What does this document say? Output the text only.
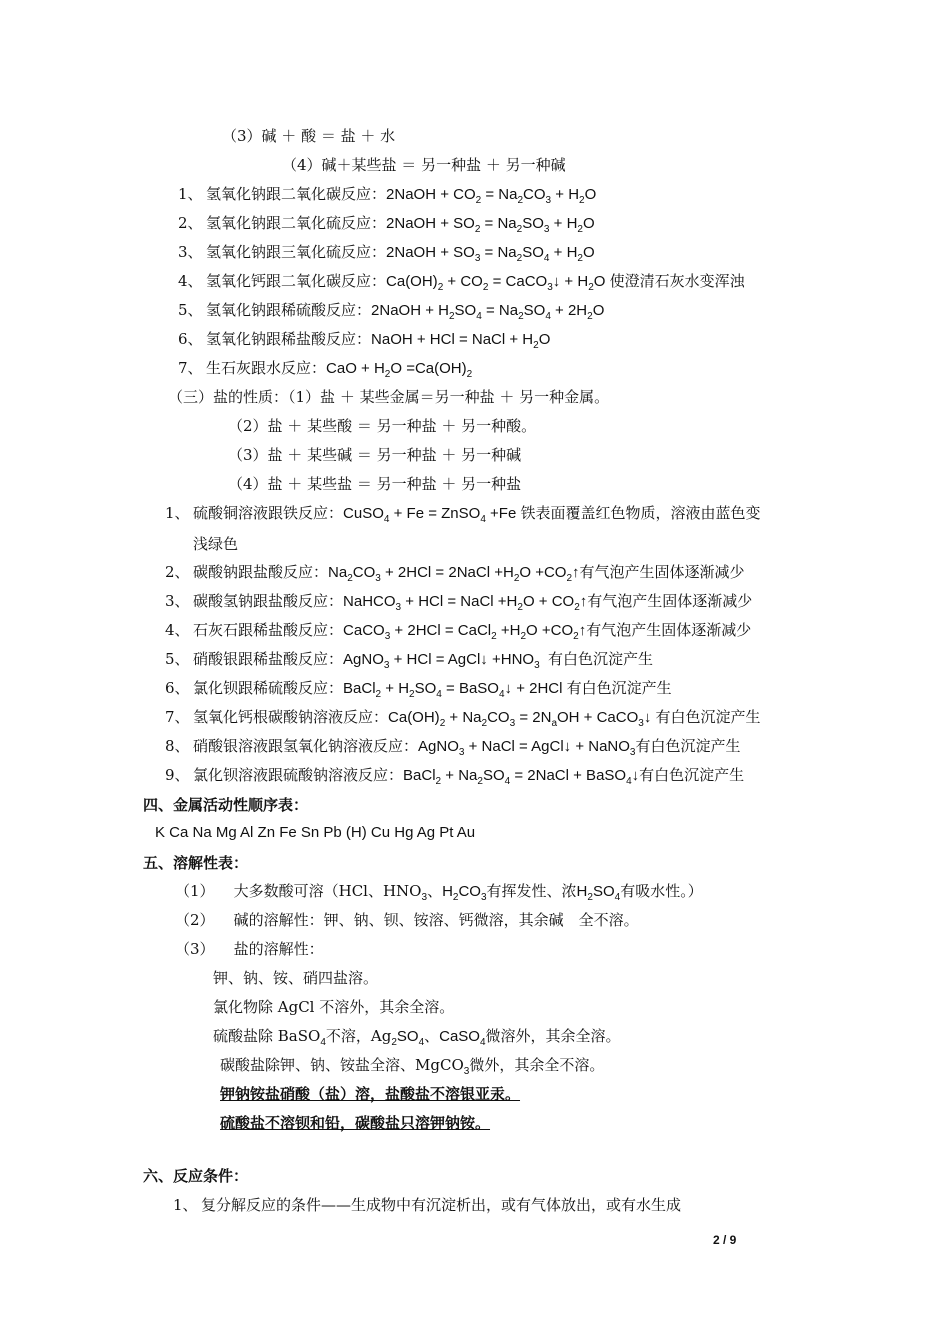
（3）碱 ＋ 酸 ＝ 盐 ＋ 水
（4）碱＋某些盐 ＝ 另一种盐 ＋ 另一种碱
1、 氢氧化钠跟二氧化碳反应：2NaOH + $CO_2 = Na_2CO_3 + H_2O$
2、 氢氧化钠跟二氧化硫反应：2NaOH + $SO_2 = Na_2SO_3 + H_2O$
3、 氢氧化钠跟三氧化硫反应：2NaOH + $SO_3 = Na_2SO_4 + H_2O$
4、 氢氧化钙跟二氧化碳反应：$Ca(OH)_2 + CO_2$ = CaCO$_3$↓ + $H_2O$ 使澄清石灰水变浑浊
5、 氢氧化钠跟稀硫酸反应：2NaOH + $H_2SO_4 = Na_2SO_4 + 2H_2O$
6、 氢氧化钠跟稀盐酸反应：NaOH + HCl = NaCl + $H_2O$
7、 生石灰跟水反应：CaO + $H_2O =Ca(OH)_2$
（三）盐的性质：（1）盐 ＋ 某些金属＝另一种盐 ＋ 另一种金属。
（2）盐 ＋ 某些酸 ＝ 另一种盐 ＋ 另一种酸。
（3）盐 ＋ 某些碱 ＝ 另一种盐 ＋ 另一种碱
（4）盐 ＋ 某些盐 ＝ 另一种盐 ＋ 另一种盐
1、 硫酸铜溶液跟铁反应：CuSO$_4$ + Fe = ZnSO$_4$ +Fe 铁表面覆盖红色物质，溶液由蓝色变
浅绿色
2、 碳酸钠跟盐酸反应：$Na_2CO_3 + 2HCl$ = 2NaCl $+H_2O$ $+CO_2↑$有气泡产生固体逐渐减少
3、 碳酸氢钠跟盐酸反应：NaHCO$_3$ + HCl = NaCl $+H_2O$ + $CO_2↑$有气泡产生固体逐渐减少
4、 石灰石跟稀盐酸反应：CaCO$_3$ + 2HCl = CaCl$_2$ $+H_2O$ $+CO_2↑$有气泡产生固体逐渐减少
5、 硝酸银跟稀盐酸反应：AgNO$_3$ + HCl = AgCl↓ $+HNO_3$ 有白色沉淀产生
6、 氯化钡跟稀硫酸反应：BaCl$_2$ + $H_2SO_4$ = BaSO$_4$↓ + 2HCl 有白色沉淀产生
7、 氢氧化钙根碳酸钠溶液反应：$Ca(OH)_2 + Na_2CO_3 = 2N_aOH$ + CaCO$_3$↓ 有白色沉淀产生
8、 硝酸银溶液跟氢氧化钠溶液反应：AgNO$_3$ + NaCl = AgCl↓ + NaNO$_3$有白色沉淀产生
9、 氯化钡溶液跟硫酸钠溶液反应：BaCl$_2$ + $Na_2SO_4$ = 2NaCl + BaSO$_4$↓有白色沉淀产生
四、金属活动性顺序表：
K Ca Na Mg Al Zn Fe Sn Pb (H) Cu Hg Ag Pt Au
五、溶解性表：
（1） 大多数酸可溶（HCl、$HNO_3$、$H_2CO_3$有挥发性、浓$H_2SO_4$有吸水性。）
（2） 碱的溶解性：钾、钠、钡、铵溶、钙微溶，其余碱　全不溶。
（3） 盐的溶解性：
钾、钠、铵、硝四盐溶。
氯化物除 AgCl 不溶外，其余全溶。
硫酸盐除 BaSO$_4$不溶，$Ag_2SO_4$、CaSO$_4$微溶外，其余全溶。
碳酸盐除钾、钠、铵盐全溶、MgCO$_3$微外，其余全不溶。
钾钠铵盐硝酸（盐）溶，盐酸盐不溶银亚汞。
硫酸盐不溶钡和铅，碳酸盐只溶钾钠铵。
六、反应条件：
1、 复分解反应的条件——生成物中有沉淀析出，或有气体放出，或有水生成
2 / 9
